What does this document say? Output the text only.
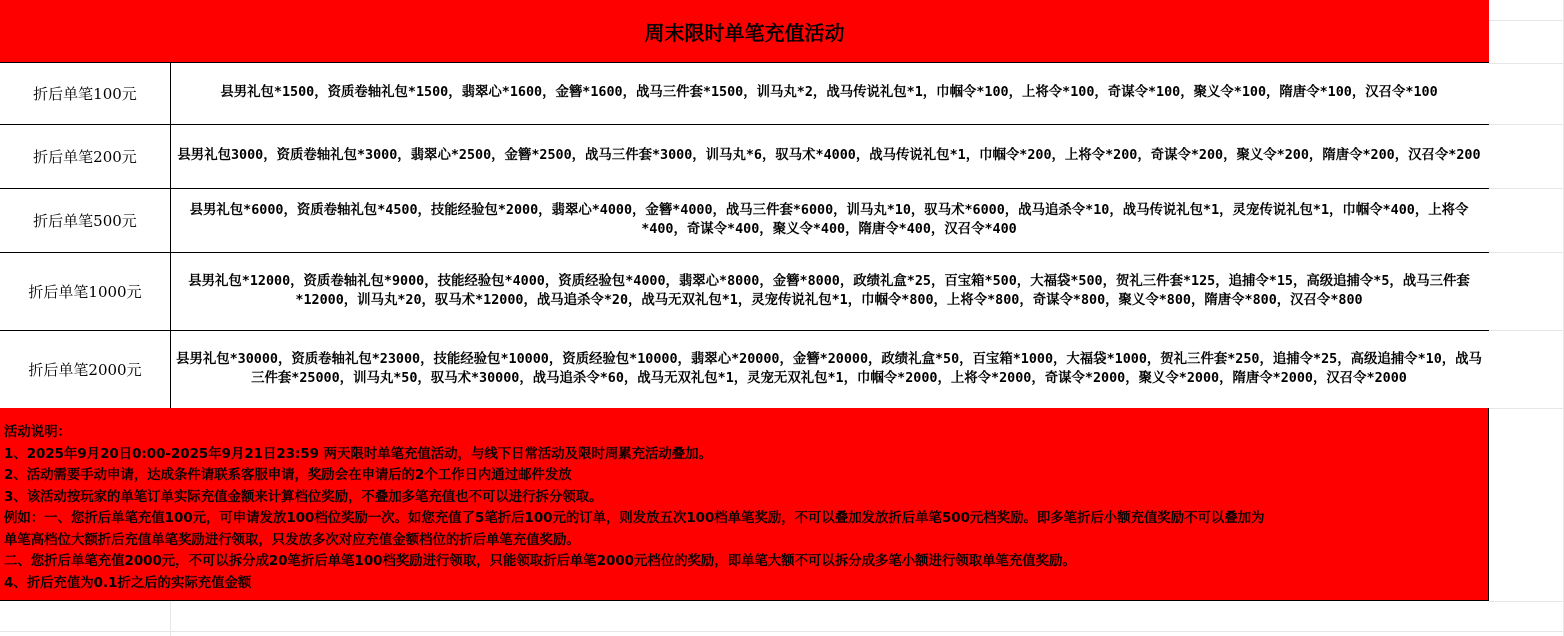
周末限时单笔充值活动
折后单笔100元	县男礼包*1500，资质卷轴礼包*1500，翡翠心*1600，金簪*1600，战马三件套*1500，训马丸*2，战马传说礼包*1，巾帼令*100，上将令*100，奇谋令*100，聚义令*100，隋唐令*100，汉召令*100
折后单笔200元	县男礼包3000，资质卷轴礼包*3000，翡翠心*2500，金簪*2500，战马三件套*3000，训马丸*6，驭马术*4000，战马传说礼包*1，巾帼令*200，上将令*200，奇谋令*200，聚义令*200，隋唐令*200，汉召令*200
折后单笔500元
县男礼包*6000，资质卷轴礼包*4500，技能经验包*2000，翡翠心*4000，金簪*4000，战马三件套*6000，训马丸*10，驭马术*6000，战马追杀令*10，战马传说礼包*1，灵宠传说礼包*1，巾帼令*400，上将令*400，奇谋令*400，聚义令*400，隋唐令*400，汉召令*400
折后单笔1000元
县男礼包*12000，资质卷轴礼包*9000，技能经验包*4000，资质经验包*4000，翡翠心*8000，金簪*8000，政绩礼盒*25，百宝箱*500，大福袋*500，贺礼三件套*125，追捕令*15，高级追捕令*5，战马三件套*12000，训马丸*20，驭马术*12000，战马追杀令*20，战马无双礼包*1，灵宠传说礼包*1，巾帼令*800，上将令*800，奇谋令*800，聚义令*800，隋唐令*800，汉召令*800
折后单笔2000元
县男礼包*30000，资质卷轴礼包*23000，技能经验包*10000，资质经验包*10000，翡翠心*20000，金簪*20000，政绩礼盒*50，百宝箱*1000，大福袋*1000，贺礼三件套*250，追捕令*25，高级追捕令*10，战马三件套*25000，训马丸*50，驭马术*30000，战马追杀令*60，战马无双礼包*1，灵宠无双礼包*1，巾帼令*2000，上将令*2000，奇谋令*2000，聚义令*2000，隋唐令*2000，汉召令*2000
活动说明：
1、2025年9月20日0:00-2025年9月21日23:59 两天限时单笔充值活动，与线下日常活动及限时周累充活动叠加。
2、活动需要手动申请，达成条件请联系客服申请，奖励会在申请后的2个工作日内通过邮件发放
3、该活动按玩家的单笔订单实际充值金额来计算档位奖励，不叠加多笔充值也不可以进行拆分领取。
例如：一、您折后单笔充值100元，可申请发放100档位奖励一次。如您充值了5笔折后100元的订单，则发放五次100档单笔奖励，不可以叠加发放折后单笔500元档奖励。即多笔折后小额充值奖励不可以叠加为
单笔高档位大额折后充值单笔奖励进行领取，只发放多次对应充值金额档位的折后单笔充值奖励。
二、您折后单笔充值2000元，不可以拆分成20笔折后单笔100档奖励进行领取，只能领取折后单笔2000元档位的奖励，即单笔大额不可以拆分成多笔小额进行领取单笔充值奖励。
4、折后充值为0.1折之后的实际充值金额
